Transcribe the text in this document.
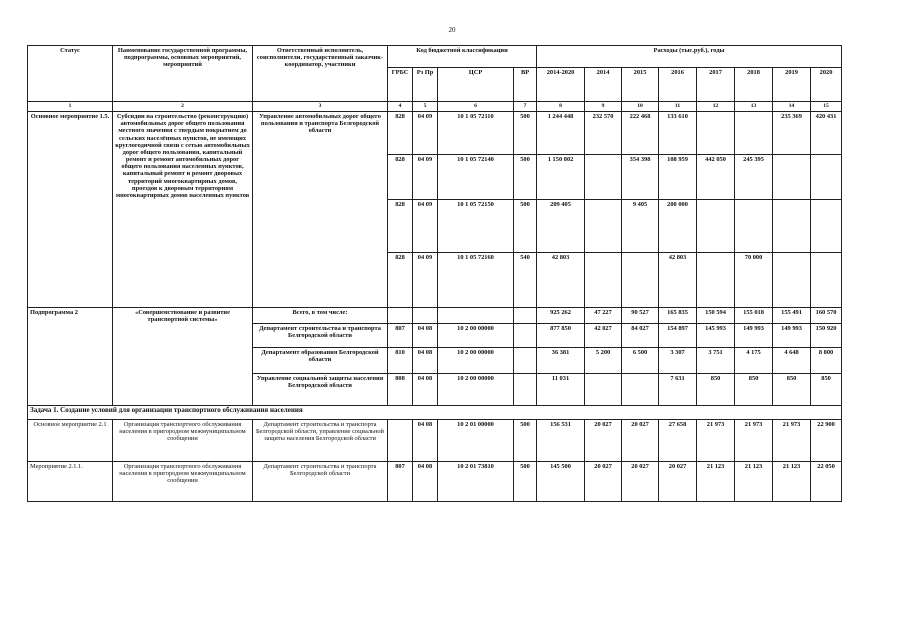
20
Статус	Наименование государственной программы, подпрограммы, основных мероприятий, мероприятий	Ответственный исполнитель, соисполнители, государственный заказчик-координатор, участники	Код бюджетной классификации				Расходы (тыс.руб.), годы							
			ГРБС	Рз Пр	ЦСР	ВР	2014-2020	2014	2015	2016	2017	2018	2019	2020
1	2	3	4	5	6	7	8	9	10	11	12	13	14	15
Основное мероприятие 1.5.	Субсидии на строительство (реконструкцию) автомобильных дорог общего пользования местного значения с твердым покрытием до сельских населённых пунктов, не имеющих круглогодичной связи с сетью автомобильных дорог общего пользования, капитальный ремонт и ремонт автомобильных дорог общего пользования населенных пунктов, капитальный ремонт и ремонт дворовых территорий многоквартирных домов, проездов к дворовым территориям многоквартирных домов населенных пунктов	Управление автомобильных дорог общего пользования и транспорта Белгородской области	828	04 09	10 1 05 72110	500	1 244 448	232 570	222 468	133 610			235 369	420 431
			828	04 09	10 1 05 72140	500	1 150 802		354 398	108 959	442 050	245 395		
			828	04 09	10 1 05 72150	500	209 405		9 405	200 000				
			828	04 09	10 1 05 72160	540	42 803			42 803		70 000		
Подпрограмма 2	«Совершенствование и развитие транспортной системы»	Всего, в том числе:					925 262	47 227	90 527	165 835	150 594	155 018	155 491	160 570
		Департамент строительства и транспорта Белгородской области	807	04 08	10 2 00 00000		877 850	42 027	84 027	154 897	145 993	149 993	149 993	150 920
		Департамент образования Белгородской области	810	04 08	10 2 00 00000		36 381	5 200	6 500	3 307	3 751	4 175	4 648	8 800
		Управление социальной защиты населения Белгородской области	808	04 08	10 2 00 00000		11 031			7 631	850	850	850	850
Задача 1. Создание условий для организации транспортного обслуживания населения														
Основное мероприятие 2.1	Организация транспортного обслуживания населения в пригородном межмуниципальном сообщении	Департамент строительства и транспорта Белгородской области, управление социальной защиты населения Белгородской области		04 08	10 2 01 00000	500	156 531	20 027	20 027	27 658	21 973	21 973	21 973	22 900
Мероприятие 2.1.1.	Организация транспортного обслуживания населения в пригородном межмуниципальном сообщении	Департамент строительства и транспорта Белгородской области	807	04 08	10 2 01 73810	500	145 500	20 027	20 027	20 027	21 123	21 123	21 123	22 050
